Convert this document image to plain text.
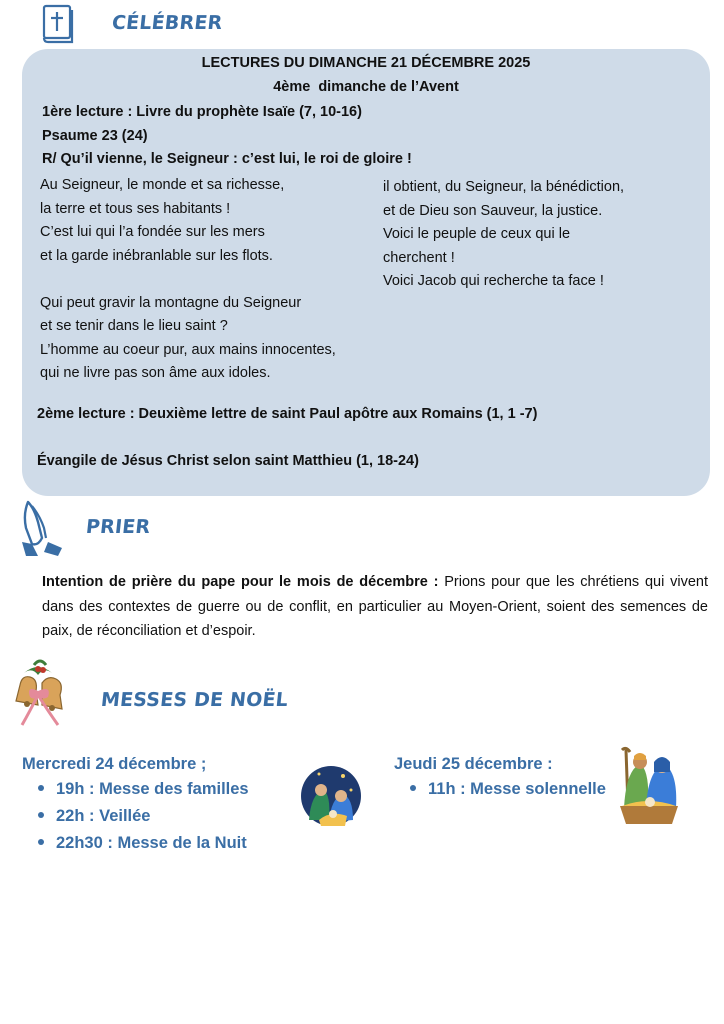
CÉLÉBRER
LECTURES DU DIMANCHE 21 DÉCEMBRE 2025
4ème  dimanche de l’Avent
1ère lecture : Livre du prophète Isaïe (7, 10-16)
Psaume 23 (24)
R/ Qu’il vienne, le Seigneur : c’est lui, le roi de gloire !
Au Seigneur, le monde et sa richesse,
la terre et tous ses habitants !
C’est lui qui l’a fondée sur les mers
et la garde inébranlable sur les flots.
Qui peut gravir la montagne du Seigneur
et se tenir dans le lieu saint ?
L’homme au coeur pur, aux mains innocentes,
qui ne livre pas son âme aux idoles.
il obtient, du Seigneur, la bénédiction,
et de Dieu son Sauveur, la justice.
Voici le peuple de ceux qui le
cherchent !
Voici Jacob qui recherche ta face !
2ème lecture : Deuxième lettre de saint Paul apôtre aux Romains (1, 1 -7)
Évangile de Jésus Christ selon saint Matthieu (1, 18-24)
PRIER
Intention de prière du pape pour le mois de décembre : Prions pour que les chrétiens qui vivent dans des contextes de guerre ou de conflit, en particulier au Moyen-Orient, soient des semences de paix, de réconciliation et d’espoir.
MESSES DE NOËL
Mercredi 24 décembre ;
19h : Messe des familles
22h : Veillée
22h30 : Messe de la Nuit
Jeudi 25 décembre :
11h : Messe solennelle
